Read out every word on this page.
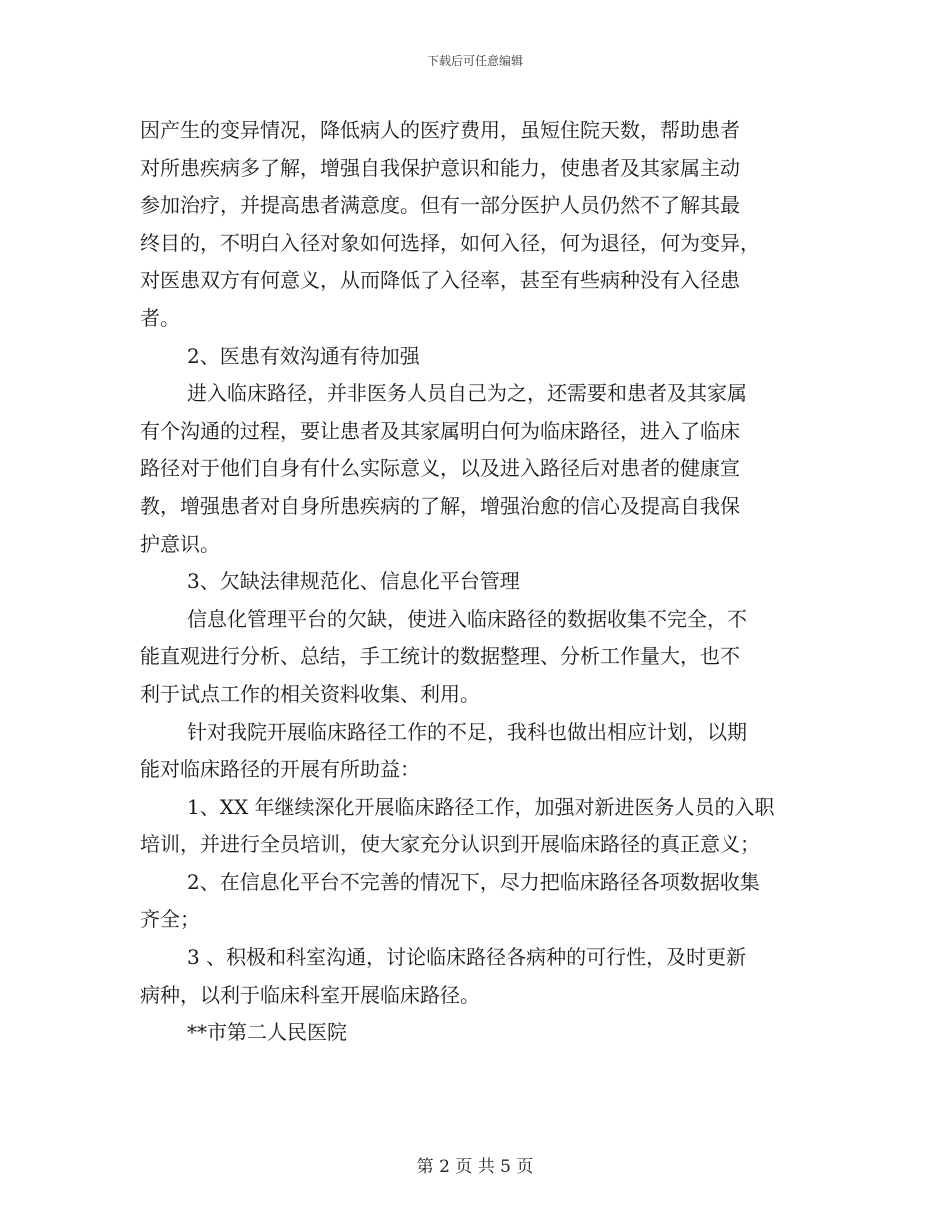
下载后可任意编辑
因产生的变异情况，降低病人的医疗费用，虽短住院天数，帮助患者
对所患疾病多了解，增强自我保护意识和能力，使患者及其家属主动
参加治疗，并提高患者满意度。但有一部分医护人员仍然不了解其最
终目的，不明白入径对象如何选择，如何入径，何为退径，何为变异，
对医患双方有何意义，从而降低了入径率，甚至有些病种没有入径患
者。
2、医患有效沟通有待加强
进入临床路径，并非医务人员自己为之，还需要和患者及其家属
有个沟通的过程，要让患者及其家属明白何为临床路径，进入了临床
路径对于他们自身有什么实际意义，以及进入路径后对患者的健康宣
教，增强患者对自身所患疾病的了解，增强治愈的信心及提高自我保
护意识。
3、欠缺法律规范化、信息化平台管理
信息化管理平台的欠缺，使进入临床路径的数据收集不完全，不
能直观进行分析、总结，手工统计的数据整理、分析工作量大，也不
利于试点工作的相关资料收集、利用。
针对我院开展临床路径工作的不足，我科也做出相应计划，以期
能对临床路径的开展有所助益：
1、XX 年继续深化开展临床路径工作，加强对新进医务人员的入职
培训，并进行全员培训，使大家充分认识到开展临床路径的真正意义；
2、在信息化平台不完善的情况下，尽力把临床路径各项数据收集
齐全；
3 、积极和科室沟通，讨论临床路径各病种的可行性，及时更新
病种，以利于临床科室开展临床路径。
**市第二人民医院
第 2 页 共 5 页
